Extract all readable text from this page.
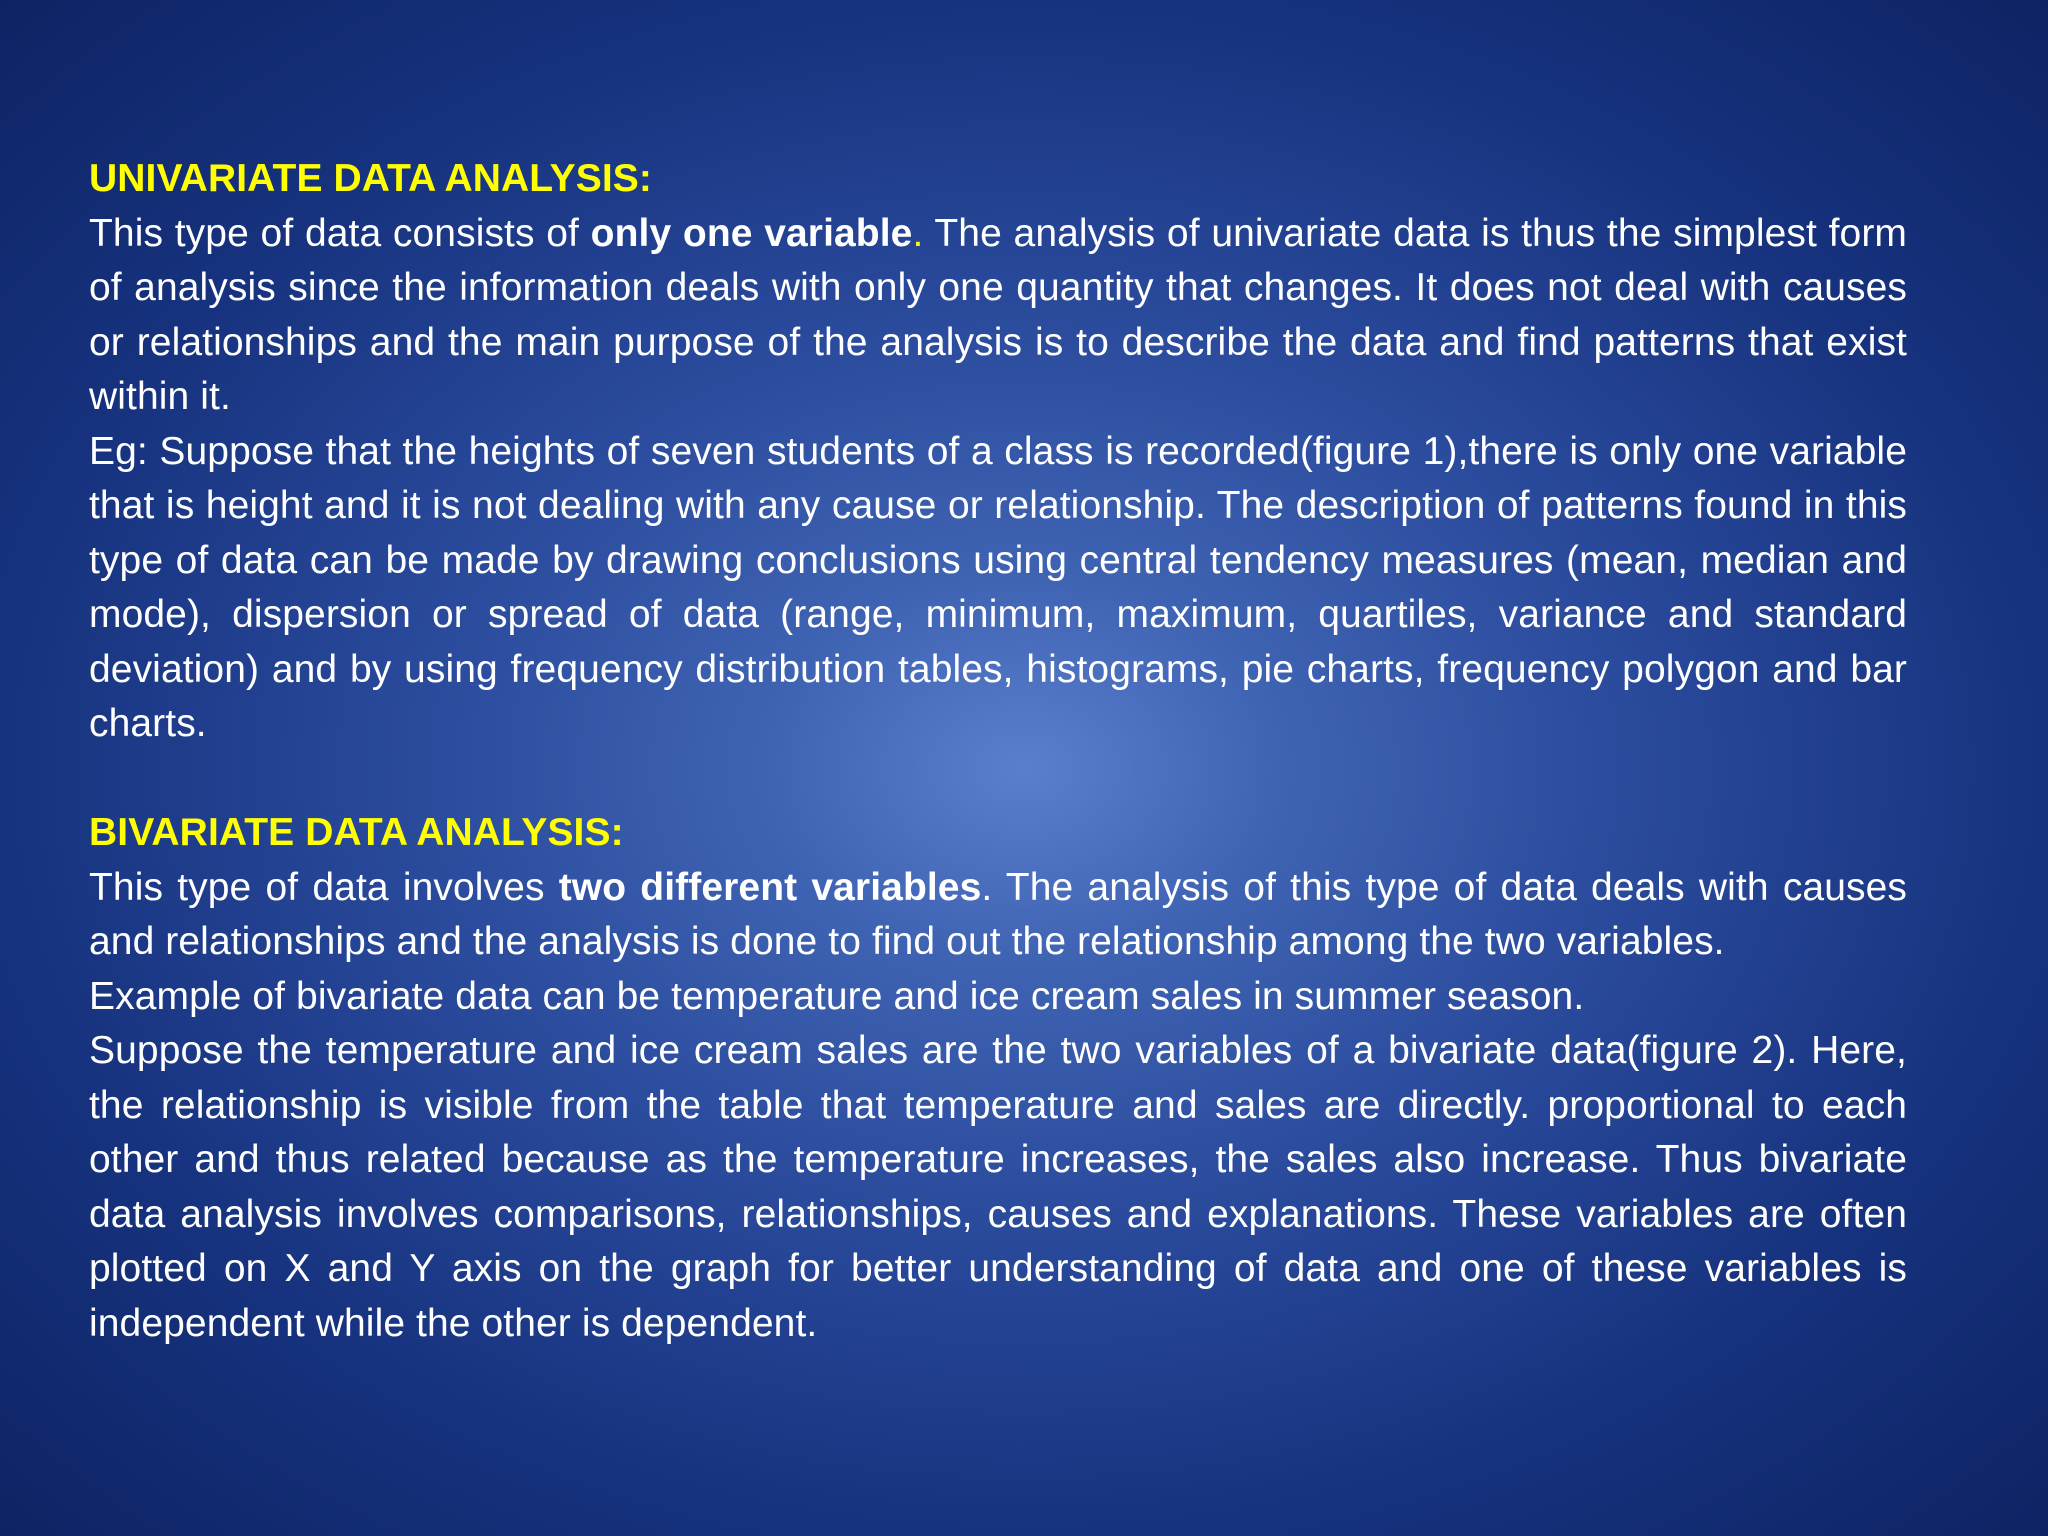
UNIVARIATE DATA ANALYSIS:

This type of data consists of only one variable. The analysis of univariate data is thus the simplest form of analysis since the information deals with only one quantity that changes. It does not deal with causes or relationships and the main purpose of the analysis is to describe the data and find patterns that exist within it.

Eg: Suppose that the heights of seven students of a class is recorded(figure 1),there is only one variable that is height and it is not dealing with any cause or relationship. The description of patterns found in this type of data can be made by drawing conclusions using central tendency measures (mean, median and mode), dispersion or spread of data (range, minimum, maximum, quartiles, variance and standard deviation) and by using frequency distribution tables, histograms, pie charts, frequency polygon and bar charts.

BIVARIATE DATA ANALYSIS:

This type of data involves two different variables. The analysis of this type of data deals with causes and relationships and the analysis is done to find out the relationship among the two variables.

Example of bivariate data can be temperature and ice cream sales in summer season.

Suppose the temperature and ice cream sales are the two variables of a bivariate data(figure 2). Here, the relationship is visible from the table that temperature and sales are directly. proportional to each other and thus related because as the temperature increases, the sales also increase. Thus bivariate data analysis involves comparisons, relationships, causes and explanations. These variables are often plotted on X and Y axis on the graph for better understanding of data and one of these variables is independent while the other is dependent.
